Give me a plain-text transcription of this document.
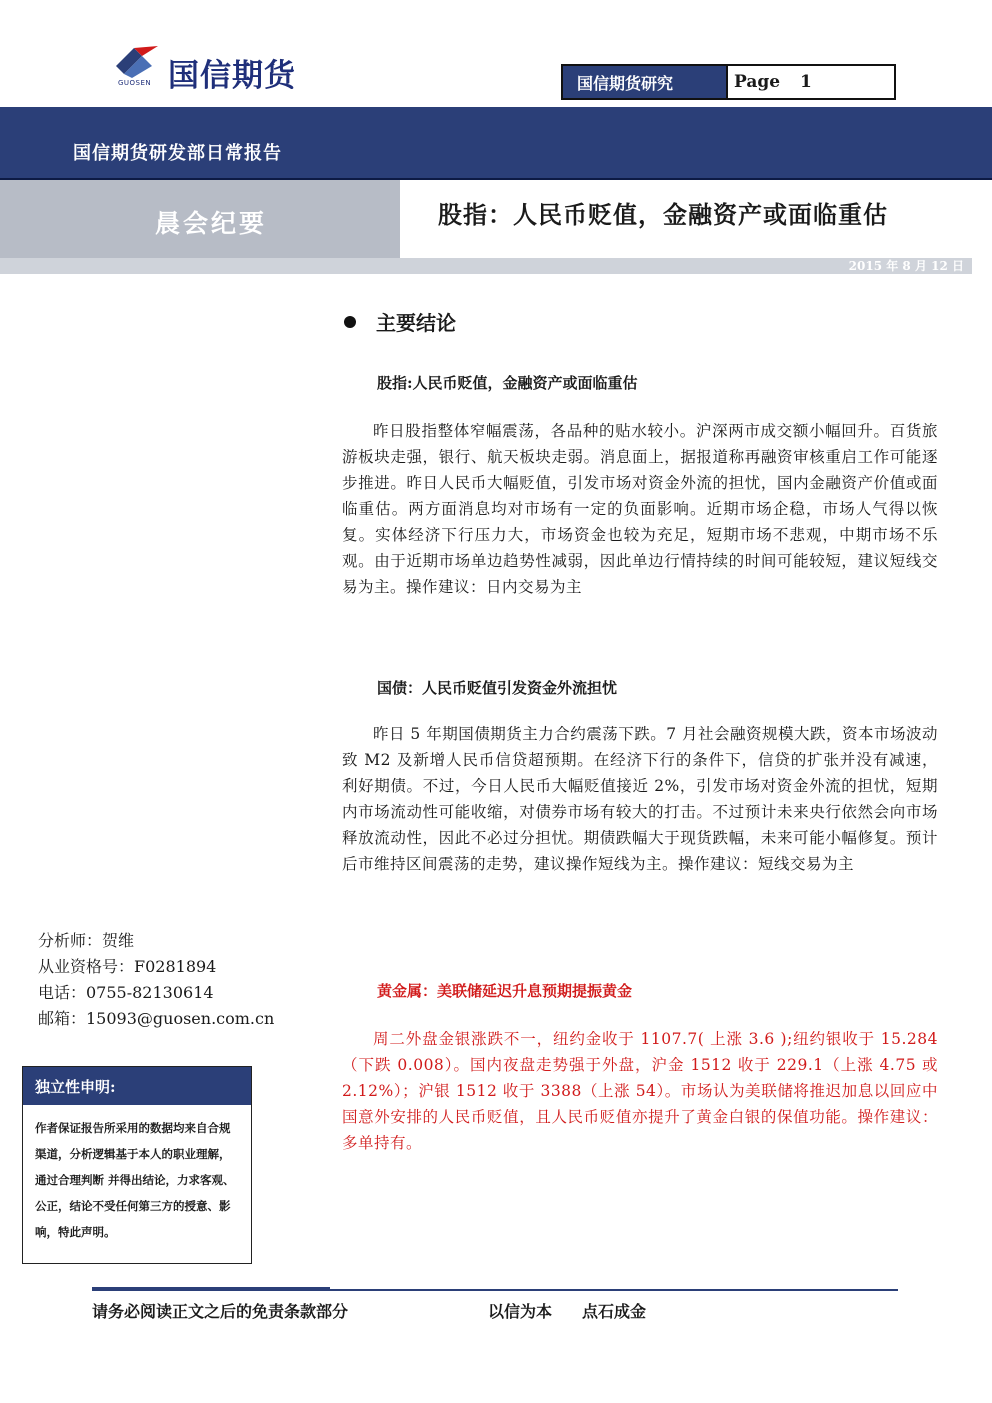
国信期货
GUOSEN	国信期货研究	Page 1
国信期货研发部日常报告
晨会纪要	股指：人民币贬值，金融资产或面临重估
2015 年 8 月 12 日
主要结论
股指:人民币贬值，金融资产或面临重估
昨日股指整体窄幅震荡，各品种的贴水较小。沪深两市成交额小幅回升。百货旅游板块走强，银行、航天板块走弱。消息面上，据报道称再融资审核重启工作可能逐步推进。昨日人民币大幅贬值，引发市场对资金外流的担忧，国内金融资产价值或面临重估。两方面消息均对市场有一定的负面影响。近期市场企稳，市场人气得以恢复。实体经济下行压力大，市场资金也较为充足，短期市场不悲观，中期市场不乐观。由于近期市场单边趋势性减弱，因此单边行情持续的时间可能较短，建议短线交易为主。操作建议：日内交易为主
国债：人民币贬值引发资金外流担忧
昨日 5 年期国债期货主力合约震荡下跌。7 月社会融资规模大跌，资本市场波动致 M2 及新增人民币信贷超预期。在经济下行的条件下，信贷的扩张并没有减速，利好期债。不过，今日人民币大幅贬值接近 2%，引发市场对资金外流的担忧，短期内市场流动性可能收缩，对债券市场有较大的打击。不过预计未来央行依然会向市场释放流动性，因此不必过分担忧。期债跌幅大于现货跌幅，未来可能小幅修复。预计后市维持区间震荡的走势，建议操作短线为主。操作建议：短线交易为主
黄金属：美联储延迟升息预期提振黄金
周二外盘金银涨跌不一，纽约金收于 1107.7( 上涨 3.6 );纽约银收于 15.284（下跌 0.008）。国内夜盘走势强于外盘，沪金 1512 收于 229.1（上涨 4.75 或 2.12%）；沪银 1512 收于 3388（上涨 54）。市场认为美联储将推迟加息以回应中国意外安排的人民币贬值，且人民币贬值亦提升了黄金白银的保值功能。操作建议：多单持有。
分析师：贺维
从业资格号：F0281894
电话：0755-82130614
邮箱：15093@guosen.com.cn
独立性申明:
作者保证报告所采用的数据均来自合规渠道，分析逻辑基于本人的职业理解，通过合理判断 并得出结论，力求客观、公正，结论不受任何第三方的授意、影响，特此声明。
请务必阅读正文之后的免责条款部分	以信为本 点石成金
